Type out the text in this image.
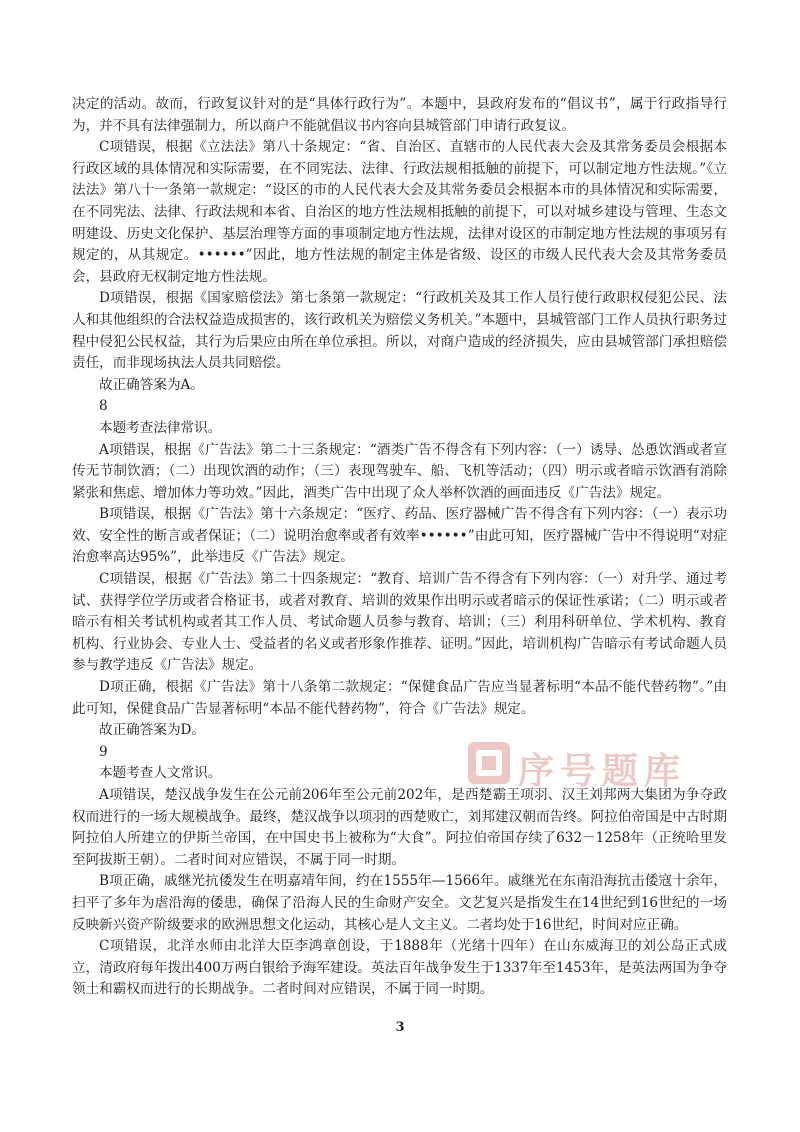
决定的活动。故而，行政复议针对的是“具体行政行为”。本题中，县政府发布的“倡议书”，属于行政指导行为，并不具有法律强制力，所以商户不能就倡议书内容向县城管部门申请行政复议。

C项错误，根据《立法法》第八十条规定：“省、自治区、直辖市的人民代表大会及其常务委员会根据本行政区域的具体情况和实际需要，在不同宪法、法律、行政法规相抵触的前提下，可以制定地方性法规。”《立法法》第八十一条第一款规定：“设区的市的人民代表大会及其常务委员会根据本市的具体情况和实际需要，在不同宪法、法律、行政法规和本省、自治区的地方性法规相抵触的前提下，可以对城乡建设与管理、生态文明建设、历史文化保护、基层治理等方面的事项制定地方性法规，法律对设区的市制定地方性法规的事项另有规定的，从其规定。••••••”因此，地方性法规的制定主体是省级、设区的市级人民代表大会及其常务委员会，县政府无权制定地方性法规。

D项错误，根据《国家赔偿法》第七条第一款规定：“行政机关及其工作人员行使行政职权侵犯公民、法人和其他组织的合法权益造成损害的，该行政机关为赔偿义务机关。”本题中，县城管部门工作人员执行职务过程中侵犯公民权益，其行为后果应由所在单位承担。所以，对商户造成的经济损失，应由县城管部门承担赔偿责任，而非现场执法人员共同赔偿。

故正确答案为A。

8

本题考查法律常识。

A项错误，根据《广告法》第二十三条规定：“酒类广告不得含有下列内容：（一）诱导、怂恿饮酒或者宣传无节制饮酒；（二）出现饮酒的动作；（三）表现驾驶车、船、飞机等活动；（四）明示或者暗示饮酒有消除紧张和焦虑、增加体力等功效。”因此，酒类广告中出现了众人举杯饮酒的画面违反《广告法》规定。

B项错误，根据《广告法》第十六条规定：“医疗、药品、医疗器械广告不得含有下列内容：（一）表示功效、安全性的断言或者保证；（二）说明治愈率或者有效率••••••”由此可知，医疗器械广告中不得说明“对症治愈率高达95%”，此举违反《广告法》规定。

C项错误，根据《广告法》第二十四条规定：“教育、培训广告不得含有下列内容：（一）对升学、通过考试、获得学位学历或者合格证书，或者对教育、培训的效果作出明示或者暗示的保证性承诺；（二）明示或者暗示有相关考试机构或者其工作人员、考试命题人员参与教育、培训；（三）利用科研单位、学术机构、教育机构、行业协会、专业人士、受益者的名义或者形象作推荐、证明。”因此，培训机构广告暗示有考试命题人员参与教学违反《广告法》规定。

D项正确，根据《广告法》第十八条第二款规定：“保健食品广告应当显著标明“本品不能代替药物”。”由此可知，保健食品广告显著标明“本品不能代替药物”，符合《广告法》规定。

故正确答案为D。

9

本题考查人文常识。

A项错误，楚汉战争发生在公元前206年至公元前202年，是西楚霸王项羽、汉王刘邦两大集团为争夺政权而进行的一场大规模战争。最终，楚汉战争以项羽的西楚败亡，刘邦建汉朝而告终。阿拉伯帝国是中古时期阿拉伯人所建立的伊斯兰帝国，在中国史书上被称为“大食”。阿拉伯帝国存续了632－1258年（正统哈里发至阿拔斯王朝）。二者时间对应错误，不属于同一时期。

B项正确，戚继光抗倭发生在明嘉靖年间，约在1555年—1566年。戚继光在东南沿海抗击倭寇十余年，扫平了多年为虐沿海的倭患，确保了沿海人民的生命财产安全。文艺复兴是指发生在14世纪到16世纪的一场反映新兴资产阶级要求的欧洲思想文化运动，其核心是人文主义。二者均处于16世纪，时间对应正确。

C项错误，北洋水师由北洋大臣李鸿章创设，于1888年（光绪十四年）在山东威海卫的刘公岛正式成立，清政府每年拨出400万两白银给予海军建设。英法百年战争发生于1337年至1453年，是英法两国为争夺领土和霸权而进行的长期战争。二者时间对应错误，不属于同一时期。

序号题库
3
